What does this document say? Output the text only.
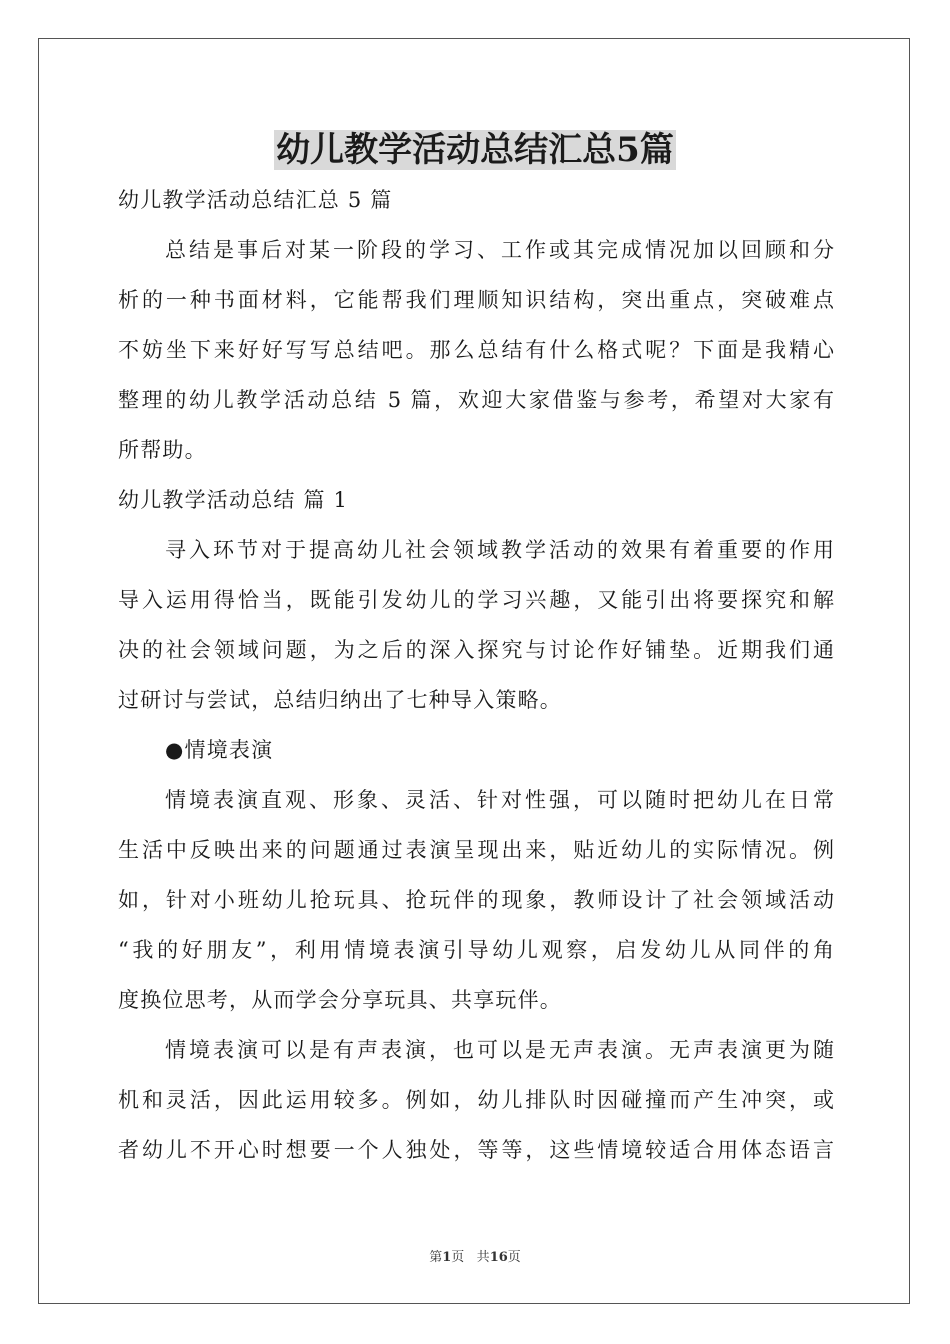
幼儿教学活动总结汇总5篇
幼儿教学活动总结汇总 5 篇
总结是事后对某一阶段的学习、工作或其完成情况加以回顾和分
析的一种书面材料，它能帮我们理顺知识结构，突出重点，突破难点
不妨坐下来好好写写总结吧。那么总结有什么格式呢？下面是我精心
整理的幼儿教学活动总结 5 篇，欢迎大家借鉴与参考，希望对大家有
所帮助。
幼儿教学活动总结 篇 1
寻入环节对于提高幼儿社会领域教学活动的效果有着重要的作用
导入运用得恰当，既能引发幼儿的学习兴趣，又能引出将要探究和解
决的社会领域问题，为之后的深入探究与讨论作好铺垫。近期我们通
过研讨与尝试，总结归纳出了七种导入策略。
●情境表演
情境表演直观、形象、灵活、针对性强，可以随时把幼儿在日常
生活中反映出来的问题通过表演呈现出来，贴近幼儿的实际情况。例
如，针对小班幼儿抢玩具、抢玩伴的现象，教师设计了社会领域活动
“我的好朋友”，利用情境表演引导幼儿观察，启发幼儿从同伴的角
度换位思考，从而学会分享玩具、共享玩伴。
情境表演可以是有声表演，也可以是无声表演。无声表演更为随
机和灵活，因此运用较多。例如，幼儿排队时因碰撞而产生冲突，或
者幼儿不开心时想要一个人独处，等等，这些情境较适合用体态语言
第1页 共16页
